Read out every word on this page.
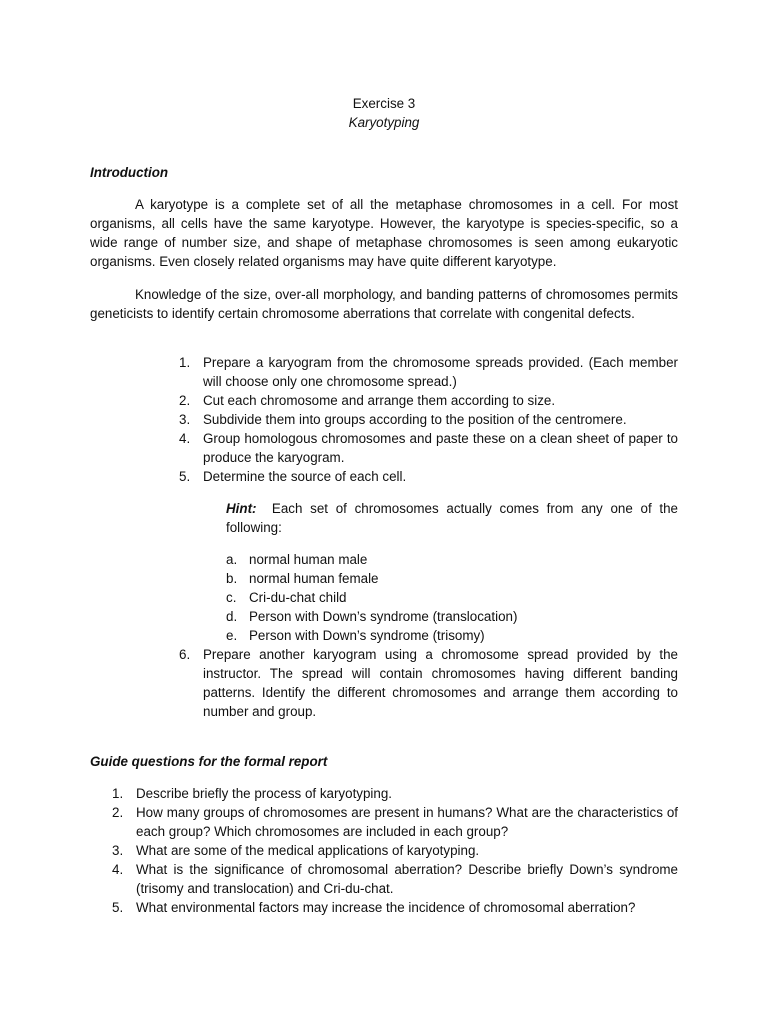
Exercise 3
Karyotyping
Introduction
A karyotype is a complete set of all the metaphase chromosomes in a cell. For most organisms, all cells have the same karyotype. However, the karyotype is species-specific, so a wide range of number size, and shape of metaphase chromosomes is seen among eukaryotic organisms. Even closely related organisms may have quite different karyotype.
Knowledge of the size, over-all morphology, and banding patterns of chromosomes permits geneticists to identify certain chromosome aberrations that correlate with congenital defects.
1. Prepare a karyogram from the chromosome spreads provided. (Each member will choose only one chromosome spread.)
2. Cut each chromosome and arrange them according to size.
3. Subdivide them into groups according to the position of the centromere.
4. Group homologous chromosomes and paste these on a clean sheet of paper to produce the karyogram.
5. Determine the source of each cell.
Hint: Each set of chromosomes actually comes from any one of the following:
a. normal human male
b. normal human female
c. Cri-du-chat child
d. Person with Down’s syndrome (translocation)
e. Person with Down’s syndrome (trisomy)
6. Prepare another karyogram using a chromosome spread provided by the instructor. The spread will contain chromosomes having different banding patterns. Identify the different chromosomes and arrange them according to number and group.
Guide questions for the formal report
1. Describe briefly the process of karyotyping.
2. How many groups of chromosomes are present in humans? What are the characteristics of each group? Which chromosomes are included in each group?
3. What are some of the medical applications of karyotyping.
4. What is the significance of chromosomal aberration? Describe briefly Down’s syndrome (trisomy and translocation) and Cri-du-chat.
5. What environmental factors may increase the incidence of chromosomal aberration?
